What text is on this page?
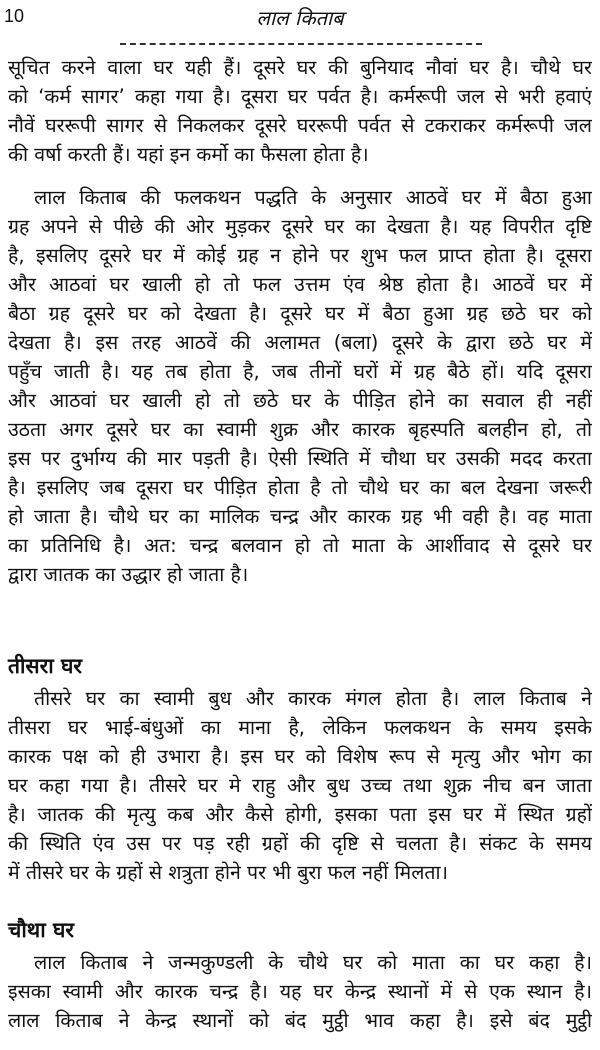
10	लाल किताब
सूचित करने वाला घर यही हैं। दूसरे घर की बुनियाद नौवां घर है। चौथे घर
को ‘कर्म सागर’ कहा गया है। दूसरा घर पर्वत है। कर्मरूपी जल से भरी हवाएं
नौवें घररूपी सागर से निकलकर दूसरे घररूपी पर्वत से टकराकर कर्मरूपी जल
की वर्षा करती हैं। यहां इन कर्मो का फैसला होता है।
लाल किताब की फलकथन पद्धति के अनुसार आठवें घर में बैठा हुआ
ग्रह अपने से पीछे की ओर मुड़कर दूसरे घर का देखता है। यह विपरीत दृष्टि
है, इसलिए दूसरे घर में कोई ग्रह न होने पर शुभ फल प्राप्त होता है। दूसरा
और आठवां घर खाली हो तो फल उत्तम एंव श्रेष्ठ होता है। आठवें घर में
बैठा ग्रह दूसरे घर को देखता है। दूसरे घर में बैठा हुआ ग्रह छठे घर को
देखता है। इस तरह आठवें की अलामत (बला) दूसरे के द्वारा छठे घर में
पहुँच जाती है। यह तब होता है, जब तीनों घरों में ग्रह बैठे हों। यदि दूसरा
और आठवां घर खाली हो तो छठे घर के पीड़ित होने का सवाल ही नहीं
उठता अगर दूसरे घर का स्वामी शुक्र और कारक बृहस्पति बलहीन हो, तो
इस पर दुर्भाग्य की मार पड़ती है। ऐसी स्थिति में चौथा घर उसकी मदद करता
है। इसलिए जब दूसरा घर पीड़ित होता है तो चौथे घर का बल देखना जरूरी
हो जाता है। चौथे घर का मालिक चन्द्र और कारक ग्रह भी वही है। वह माता
का प्रतिनिधि है। अत: चन्द्र बलवान हो तो माता के आर्शीवाद से दूसरे घर
द्वारा जातक का उद्धार हो जाता है।
तीसरा घर
तीसरे घर का स्वामी बुध और कारक मंगल होता है। लाल किताब ने
तीसरा घर भाई-बंधुओं का माना है, लेकिन फलकथन के समय इसके
कारक पक्ष को ही उभारा है। इस घर को विशेष रूप से मृत्यु और भोग का
घर कहा गया है। तीसरे घर मे राहु और बुध उच्च तथा शुक्र नीच बन जाता
है। जातक की मृत्यु कब और कैसे होगी, इसका पता इस घर में स्थित ग्रहों
की स्थिति एंव उस पर पड़ रही ग्रहों की दृष्टि से चलता है। संकट के समय
में तीसरे घर के ग्रहों से शत्रुता होने पर भी बुरा फल नहीं मिलता।
चौथा घर
लाल किताब ने जन्मकुण्डली के चौथे घर को माता का घर कहा है।
इसका स्वामी और कारक चन्द्र है। यह घर केन्द्र स्थानों में से एक स्थान है।
लाल किताब ने केन्द्र स्थानों को बंद मुट्ठी भाव कहा है। इसे बंद मुट्ठी
